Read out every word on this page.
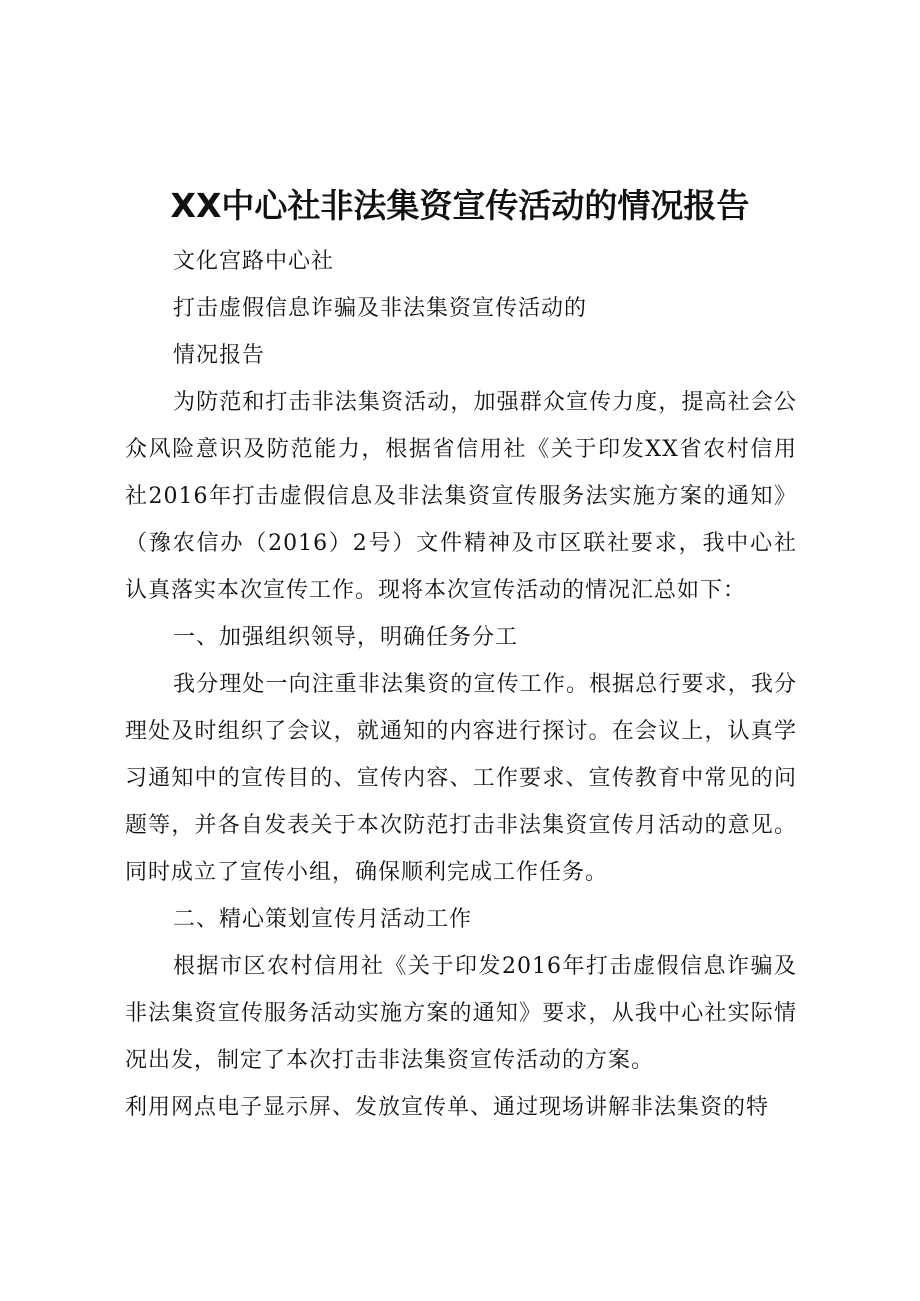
XX中心社非法集资宣传活动的情况报告

文化宫路中心社

打击虚假信息诈骗及非法集资宣传活动的

情况报告

为防范和打击非法集资活动，加强群众宣传力度，提高社会公众风险意识及防范能力，根据省信用社《关于印发XX省农村信用社2016年打击虚假信息及非法集资宣传服务法实施方案的通知》（豫农信办（2016）2号）文件精神及市区联社要求，我中心社认真落实本次宣传工作。现将本次宣传活动的情况汇总如下：

一、加强组织领导，明确任务分工

我分理处一向注重非法集资的宣传工作。根据总行要求，我分理处及时组织了会议，就通知的内容进行探讨。在会议上，认真学习通知中的宣传目的、宣传内容、工作要求、宣传教育中常见的问题等，并各自发表关于本次防范打击非法集资宣传月活动的意见。同时成立了宣传小组，确保顺利完成工作任务。

二、精心策划宣传月活动工作

根据市区农村信用社《关于印发2016年打击虚假信息诈骗及非法集资宣传服务活动实施方案的通知》要求，从我中心社实际情况出发，制定了本次打击非法集资宣传活动的方案。

利用网点电子显示屏、发放宣传单、通过现场讲解非法集资的特
